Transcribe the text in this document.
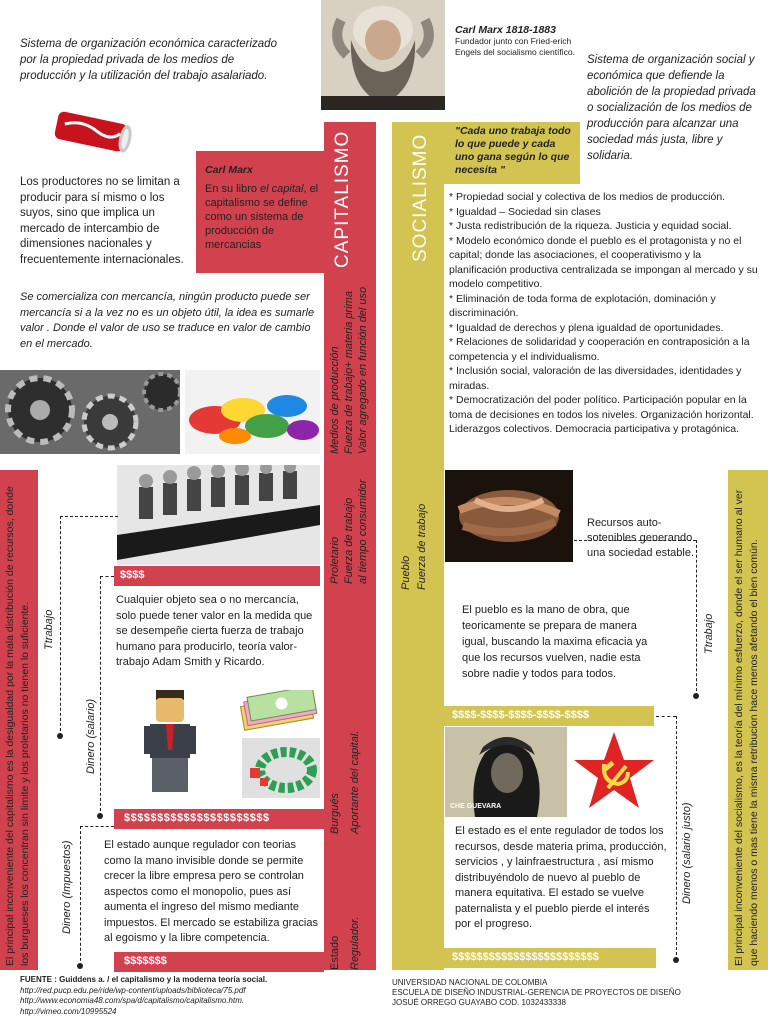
Sistema de organización económica caracterizado por la propiedad privada de los medios de producción y la utilización del trabajo asalariado.
Carl Marx 1818-1883
Fundador junto con Fried-erich Engels del socialismo científico.
Sistema de organización social y económica que defiende la abolición de la propiedad privada o socialización de los medios de producción para alcanzar una sociedad más justa, libre y solidaria.
CAPITALISMO
Carl Marx
En su libro el capital, el capitalismo se define como un sistema de producción de mercancias
Los productores no se limitan a producir para sí mismo o los suyos, sino que implica un mercado de intercambio de dimensiones nacionales y frecuentemente internacionales.
Se comercializa con mercancía, ningún producto puede ser mercancía si a la vez no es un objeto útil, la idea es sumarle valor . Donde el valor de uso se traduce en valor de cambio en el mercado.
Medios de producción Fuerza de trabajo+ materia prima Valor agregado en función del uso
Proletario Fuerza de trabajo al tiempo consumidor
Burgués Aportante del capital.
Estado Regulador.
Ttrabajo
$$$$
Dinero (salario)
Cualquier objeto sea o no mercancía, solo puede tener valor en la medida que se desempeñe cierta fuerza de trabajo humano para producirlo, teoría valor-trabajo Adam Smith y Ricardo.
$$$$$$$$$$$$$$$$$$$$$$
Dinero (Impuestos)	El estado aunque regulador con teorias como la mano invisible donde se permite crecer la libre empresa pero se controlan aspectos como el monopolio, pues así aumenta el ingreso del mismo mediante impuestos. El mercado se estabiliza gracias al egoismo y la libre competencia.
$$$$$$$
El principal inconveniente del capitalismo es la desigualdad por la mala distribución de recursos, donde los burgueses los concentran sin limite y los proletarios no tienen lo suficiente.
SOCIALISMO
"Cada uno trabaja todo lo que puede y cada uno gana según lo que necesita "
* Propiedad social y colectiva de los medios de producción.
* Igualdad – Sociedad sin clases
* Justa redistribución de la riqueza. Justicia y equidad social.
* Modelo económico donde el pueblo es el protagonista y no el capital; donde las asociaciones, el cooperativismo y la planificación productiva centralizada se impongan al mercado y su modelo competitivo.
* Eliminación de toda forma de explotación, dominación y discriminación.
* Igualdad de derechos y plena igualdad de oportunidades.
* Relaciones de solidaridad y cooperación en contraposición a la competencia y el individualismo.
* Inclusión social, valoración de las diversidades, identidades y miradas.
* Democratización del poder político. Participación popular en la toma de decisiones en todos los niveles. Organización horizontal. Liderazgos colectivos. Democracia participativa y protagónica.
Pueblo Fuerza de trabajo	Recursos auto-sotenibles generando una sociedad estable.
El pueblo es la mano de obra, que teoricamente se prepara de manera igual, buscando la maxima eficacia ya que los recursos vuelven, nadie esta sobre nadie y todos para todos.
Ttrabajo
$$$$-$$$$-$$$$-$$$$-$$$$
CHE GUEVARA
El estado es el ente regulador de todos los recursos, desde materia prima, producción, servicios , y lainfraestructura , así mismo distribuyéndolo de nuevo al pueblo de manera equitativa. El estado se vuelve paternalista y el pueblo pierde el interés por el progreso.
Dinero (salario justo)
$$$$$$$$$$$$$$$$$$$$$$$$	El principal inconveniente del socialismo, es la teoría del mínimo esfuerzo, donde el ser humano al ver que haciendo menos o mas tiene la misma retribucion hace menos afetando el bien común.
FUENTE : Guiddens a. / el capitalismo y la moderna teoría social. http://red.pucp.edu.pe/ride/wp-content/uploads/biblioteca/75.pdf
http://www.economia48.com/spa/d/capitalismo/capitalismo.htm.
http://vimeo.com/10995524
UNIVERSIDAD NACIONAL DE COLOMBIA
ESCUELA DE DISEÑO INDUSTRIAL-GERENCIA DE PROYECTOS DE DISEÑO
JOSUÉ ORREGO GUAYABO COD. 1032433338
